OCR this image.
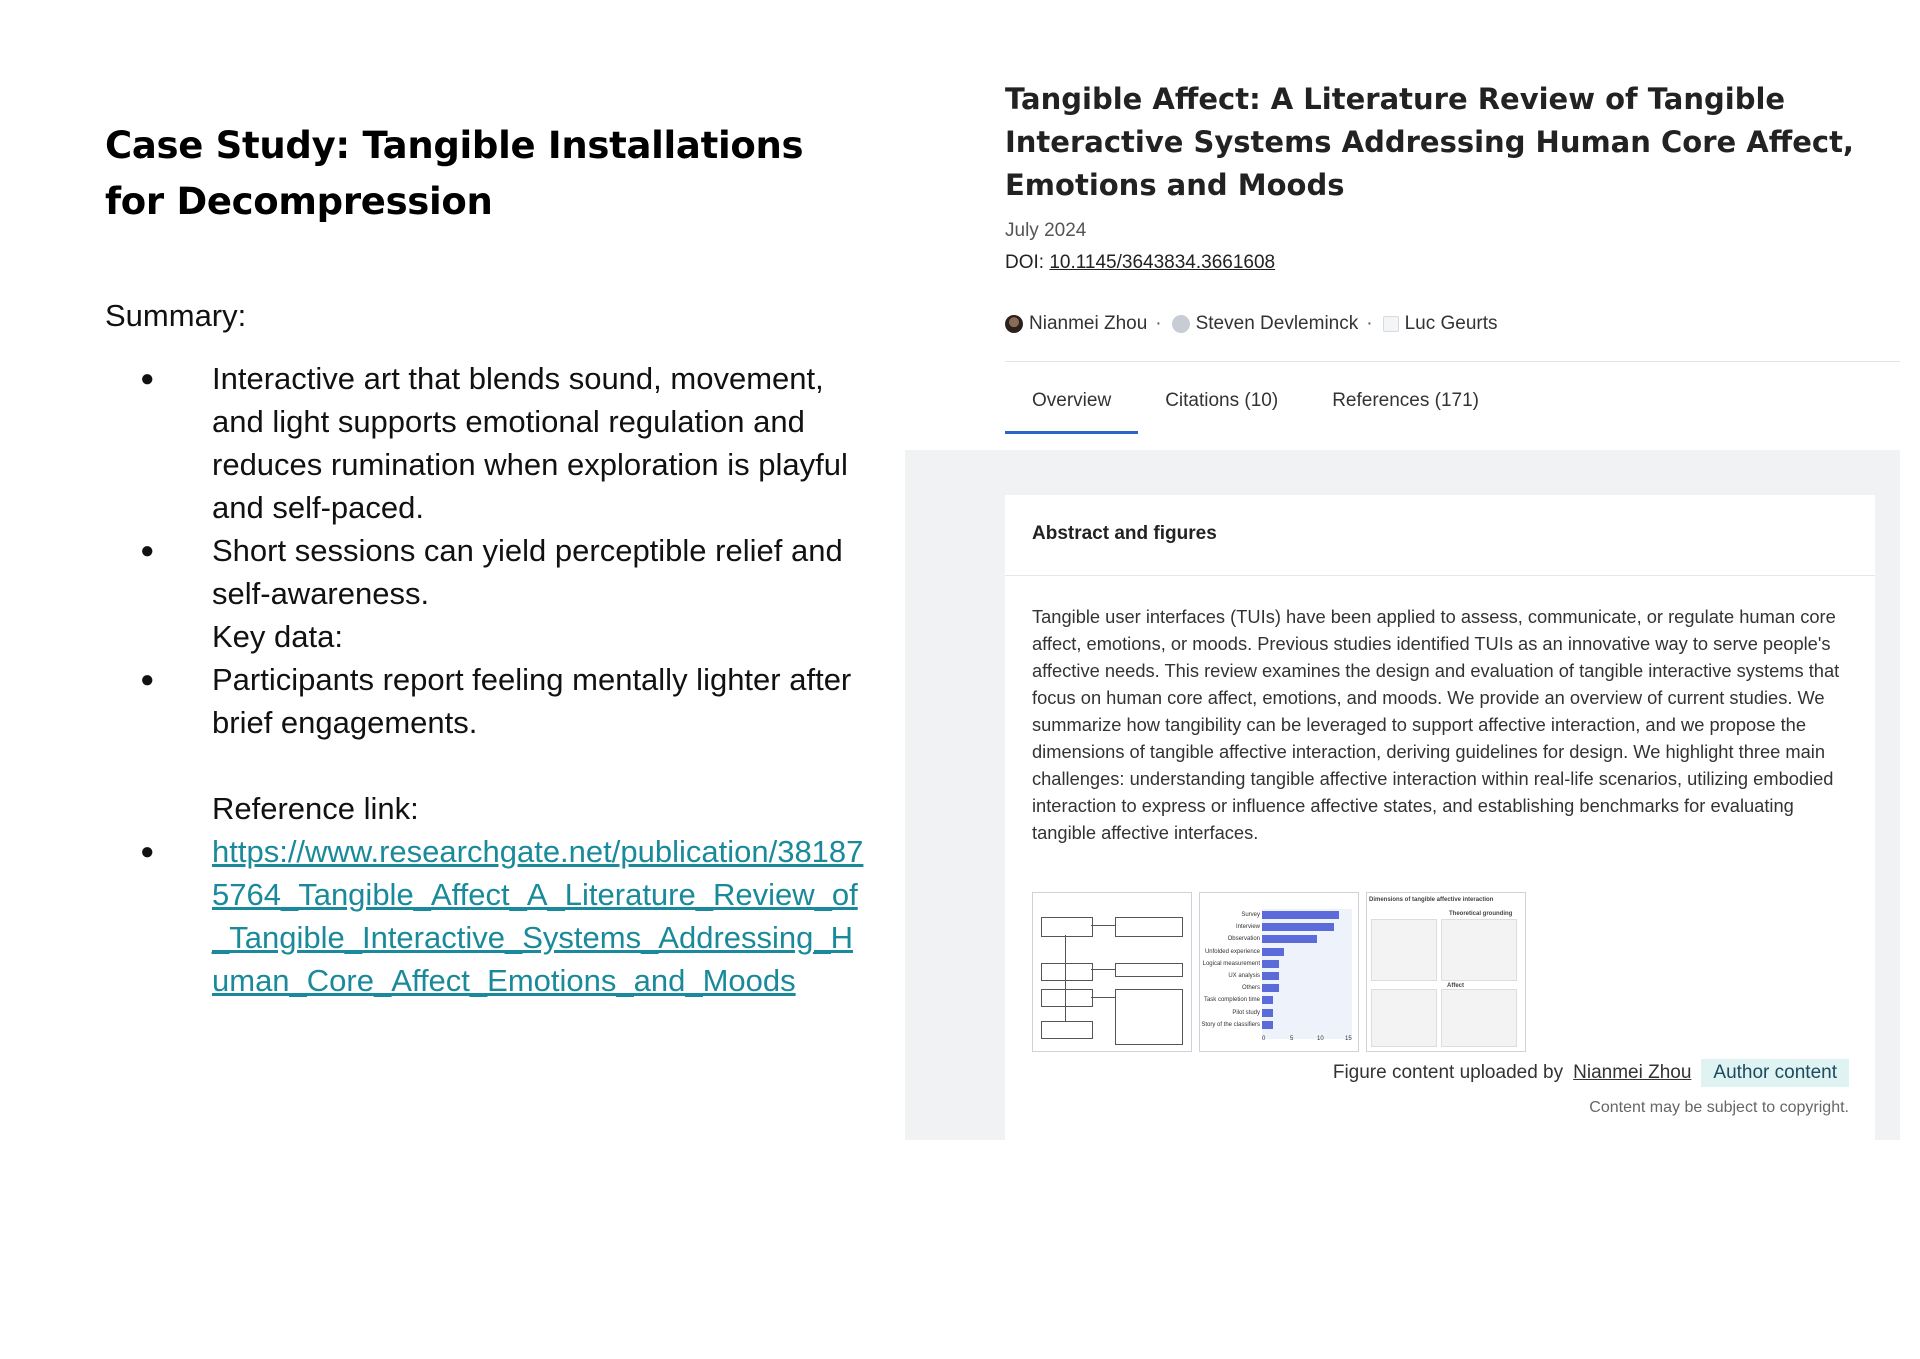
Case Study: Tangible Installations for Decompression
Summary:
● Interactive art that blends sound, movement, and light supports emotional regulation and reduces rumination when exploration is playful and self-paced.
● Short sessions can yield perceptible relief and self-awareness.
Key data:
● Participants report feeling mentally lighter after brief engagements.
Reference link:
● https://www.researchgate.net/publication/381875764_Tangible_Affect_A_Literature_Review_of_Tangible_Interactive_Systems_Addressing_Human_Core_Affect_Emotions_and_Moods
Tangible Affect: A Literature Review of Tangible Interactive Systems Addressing Human Core Affect, Emotions and Moods
July 2024
DOI: 10.1145/3643834.3661608
Nianmei Zhou · Steven Devleminck · Luc Geurts
Overview	Citations (10)	References (171)
Abstract and figures
Tangible user interfaces (TUIs) have been applied to assess, communicate, or regulate human core affect, emotions, or moods. Previous studies identified TUIs as an innovative way to serve people's affective needs. This review examines the design and evaluation of tangible interactive systems that focus on human core affect, emotions, and moods. We provide an overview of current studies. We summarize how tangibility can be leveraged to support affective interaction, and we propose the dimensions of tangible affective interaction, deriving guidelines for design. We highlight three main challenges: understanding tangible affective interaction within real-life scenarios, utilizing embodied interaction to express or influence affective states, and establishing benchmarks for evaluating tangible affective interfaces.
Survey
Interview
Observation
Unfolded experience
Logical measurement
UX analysis
Others
Task completion time
Pilot study
Story of the classifiers
0	5	10	15
Dimensions of tangible affective interaction
Theoretical grounding
Affect
Figure content uploaded by Nianmei Zhou	Author content
Content may be subject to copyright.
